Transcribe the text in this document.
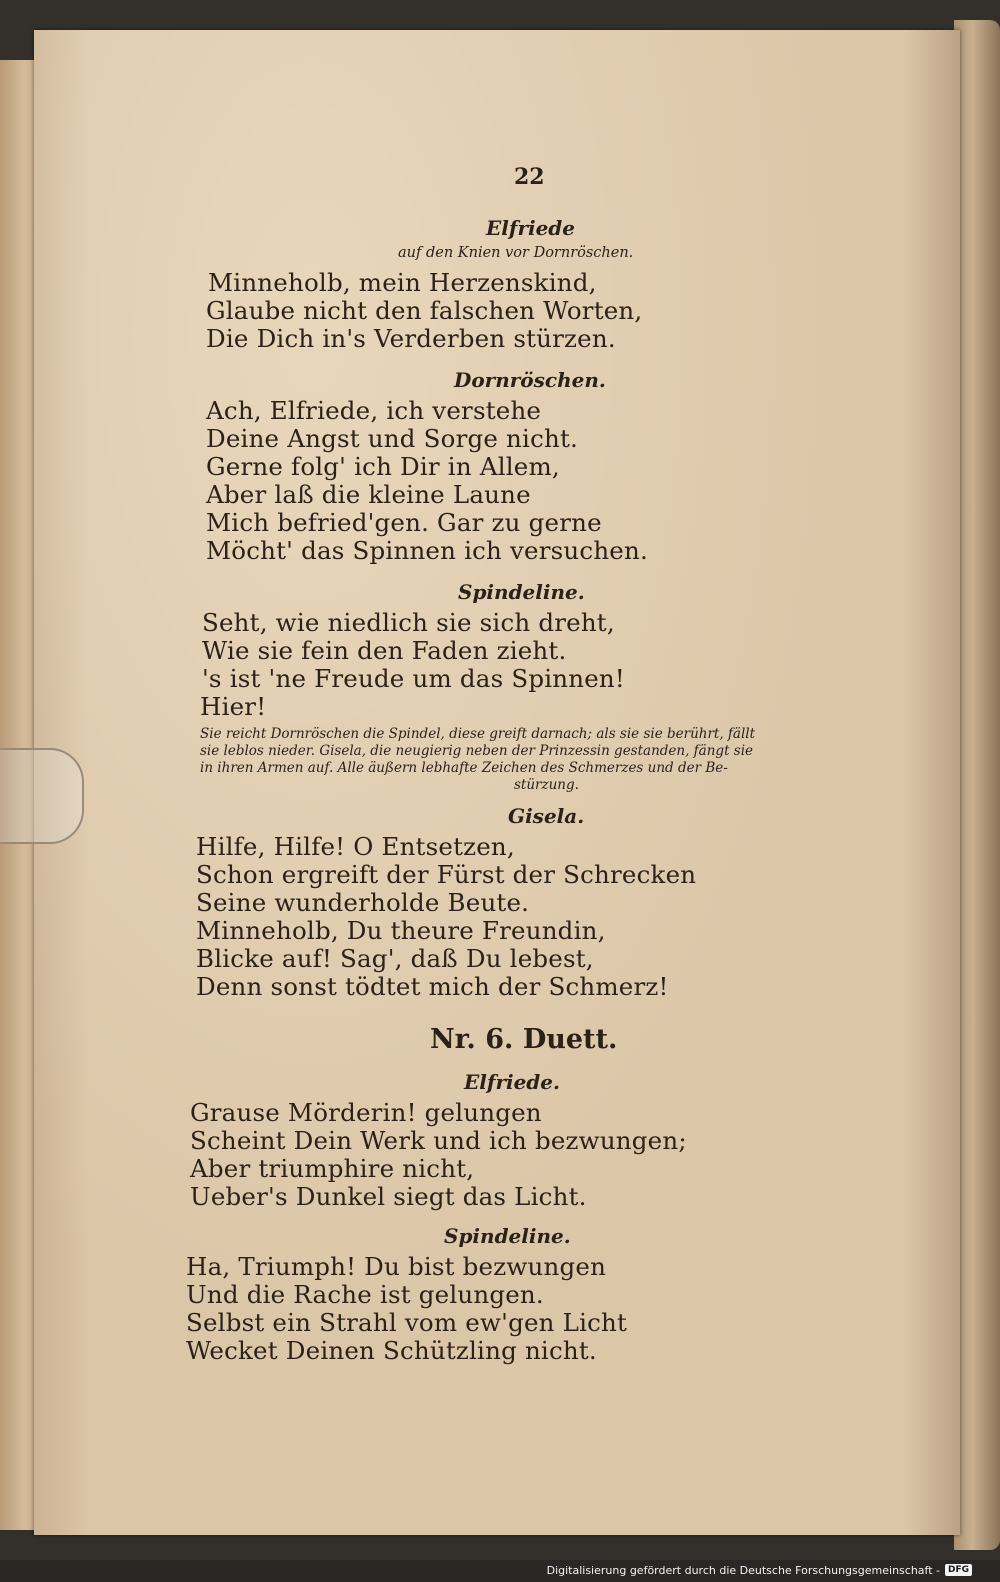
22

Elfriede

auf den Knien vor Dornröschen.

Minneholb, mein Herzenskind,

Glaube nicht den falschen Worten,

Die Dich in's Verderben stürzen.

Dornröschen.

Ach, Elfriede, ich verstehe

Deine Angst und Sorge nicht.

Gerne folg' ich Dir in Allem,

Aber laß die kleine Laune

Mich befried'gen. Gar zu gerne

Möcht' das Spinnen ich versuchen.

Spindeline.

Seht, wie niedlich sie sich dreht,

Wie sie fein den Faden zieht.

's ist 'ne Freude um das Spinnen!

Hier!

Sie reicht Dornröschen die Spindel, diese greift darnach; als sie sie berührt, fällt

sie leblos nieder. Gisela, die neugierig neben der Prinzessin gestanden, fängt sie

in ihren Armen auf. Alle äußern lebhafte Zeichen des Schmerzes und der Be-

stürzung.

Gisela.

Hilfe, Hilfe! O Entsetzen,

Schon ergreift der Fürst der Schrecken

Seine wunderholde Beute.

Minneholb, Du theure Freundin,

Blicke auf! Sag', daß Du lebest,

Denn sonst tödtet mich der Schmerz!

Nr. 6. Duett.

Elfriede.

Grause Mörderin! gelungen

Scheint Dein Werk und ich bezwungen;

Aber triumphire nicht,

Ueber's Dunkel siegt das Licht.

Spindeline.

Ha, Triumph! Du bist bezwungen

Und die Rache ist gelungen.

Selbst ein Strahl vom ew'gen Licht

Wecket Deinen Schützling nicht.

Digitalisierung gefördert durch die Deutsche Forschungsgemeinschaft - DFG
